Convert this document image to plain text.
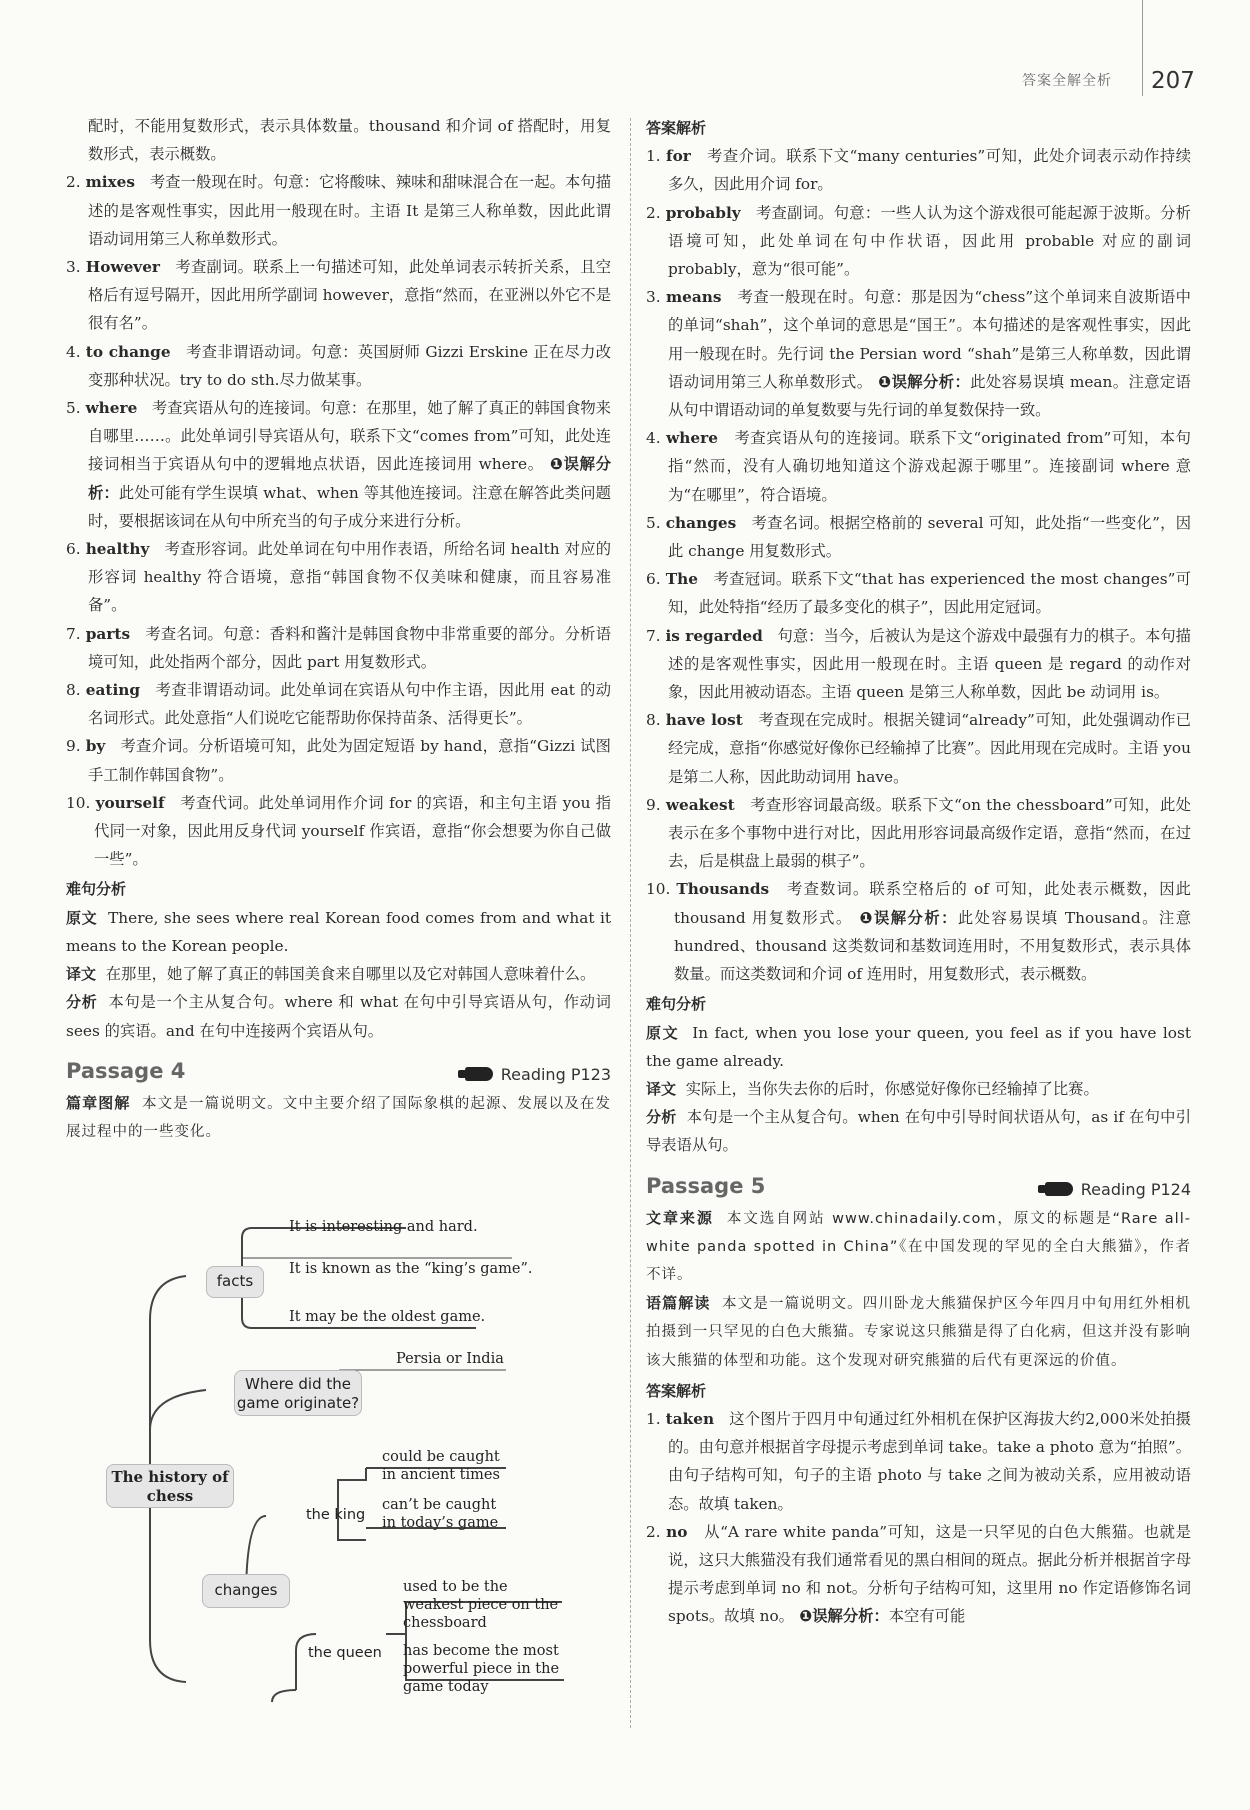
答案全解全析 207

配时，不能用复数形式，表示具体数量。thousand 和介词 of 搭配时，用复数形式，表示概数。

2. mixes 考查一般现在时。句意：它将酸味、辣味和甜味混合在一起。本句描述的是客观性事实，因此用一般现在时。主语 It 是第三人称单数，因此此谓语动词用第三人称单数形式。

3. However 考查副词。联系上一句描述可知，此处单词表示转折关系，且空格后有逗号隔开，因此用所学副词 however，意指“然而，在亚洲以外它不是很有名”。

4. to change 考查非谓语动词。句意：英国厨师 Gizzi Erskine 正在尽力改变那种状况。try to do sth.尽力做某事。

5. where 考查宾语从句的连接词。句意：在那里，她了解了真正的韩国食物来自哪里……。此处单词引导宾语从句，联系下文“comes from”可知，此处连接词相当于宾语从句中的逻辑地点状语，因此连接词用 where。 ❶误解分析：此处可能有学生误填 what、when 等其他连接词。注意在解答此类问题时，要根据该词在从句中所充当的句子成分来进行分析。

6. healthy 考查形容词。此处单词在句中用作表语，所给名词 health 对应的形容词 healthy 符合语境，意指“韩国食物不仅美味和健康，而且容易准备”。

7. parts 考查名词。句意：香料和酱汁是韩国食物中非常重要的部分。分析语境可知，此处指两个部分，因此 part 用复数形式。

8. eating 考查非谓语动词。此处单词在宾语从句中作主语，因此用 eat 的动名词形式。此处意指“人们说吃它能帮助你保持苗条、活得更长”。

9. by 考查介词。分析语境可知，此处为固定短语 by hand，意指“Gizzi 试图手工制作韩国食物”。

10. yourself 考查代词。此处单词用作介词 for 的宾语，和主句主语 you 指代同一对象，因此用反身代词 yourself 作宾语，意指“你会想要为你自己做一些”。

难句分析

原文 There, she sees where real Korean food comes from and what it means to the Korean people.

译文 在那里，她了解了真正的韩国美食来自哪里以及它对韩国人意味着什么。

分析 本句是一个主从复合句。where 和 what 在句中引导宾语从句，作动词 sees 的宾语。and 在句中连接两个宾语从句。

Passage 4	Reading P123

篇章图解 本文是一篇说明文。文中主要介绍了国际象棋的起源、发展以及在发展过程中的一些变化。

The history of chess
facts
It is interesting and hard.
It is known as the “king’s game”.
It may be the oldest game.
Where did the game originate?
Persia or India
changes
the king
could be caught in ancient times
can’t be caught in today’s game
the queen
used to be the weakest piece on the chessboard
has become the most powerful piece in the game today

答案解析

1. for 考查介词。联系下文“many centuries”可知，此处介词表示动作持续多久，因此用介词 for。

2. probably 考查副词。句意：一些人认为这个游戏很可能起源于波斯。分析语境可知，此处单词在句中作状语，因此用 probable 对应的副词 probably，意为“很可能”。

3. means 考查一般现在时。句意：那是因为“chess”这个单词来自波斯语中的单词“shah”，这个单词的意思是“国王”。本句描述的是客观性事实，因此用一般现在时。先行词 the Persian word “shah”是第三人称单数，因此谓语动词用第三人称单数形式。 ❶误解分析：此处容易误填 mean。注意定语从句中谓语动词的单复数要与先行词的单复数保持一致。

4. where 考查宾语从句的连接词。联系下文“originated from”可知，本句指“然而，没有人确切地知道这个游戏起源于哪里”。连接副词 where 意为“在哪里”，符合语境。

5. changes 考查名词。根据空格前的 several 可知，此处指“一些变化”，因此 change 用复数形式。

6. The 考查冠词。联系下文“that has experienced the most changes”可知，此处特指“经历了最多变化的棋子”，因此用定冠词。

7. is regarded 句意：当今，后被认为是这个游戏中最强有力的棋子。本句描述的是客观性事实，因此用一般现在时。主语 queen 是 regard 的动作对象，因此用被动语态。主语 queen 是第三人称单数，因此 be 动词用 is。

8. have lost 考查现在完成时。根据关键词“already”可知，此处强调动作已经完成，意指“你感觉好像你已经输掉了比赛”。因此用现在完成时。主语 you 是第二人称，因此助动词用 have。

9. weakest 考查形容词最高级。联系下文“on the chessboard”可知，此处表示在多个事物中进行对比，因此用形容词最高级作定语，意指“然而，在过去，后是棋盘上最弱的棋子”。

10. Thousands 考查数词。联系空格后的 of 可知，此处表示概数，因此 thousand 用复数形式。 ❶误解分析：此处容易误填 Thousand。注意 hundred、thousand 这类数词和基数词连用时，不用复数形式，表示具体数量。而这类数词和介词 of 连用时，用复数形式，表示概数。

难句分析

原文 In fact, when you lose your queen, you feel as if you have lost the game already.

译文 实际上，当你失去你的后时，你感觉好像你已经输掉了比赛。

分析 本句是一个主从复合句。when 在句中引导时间状语从句，as if 在句中引导表语从句。

Passage 5	Reading P124

文章来源 本文选自网站 www.chinadaily.com，原文的标题是“Rare all-white panda spotted in China”《在中国发现的罕见的全白大熊猫》，作者不详。

语篇解读 本文是一篇说明文。四川卧龙大熊猫保护区今年四月中旬用红外相机拍摄到一只罕见的白色大熊猫。专家说这只熊猫是得了白化病，但这并没有影响该大熊猫的体型和功能。这个发现对研究熊猫的后代有更深远的价值。

答案解析

1. taken 这个图片于四月中旬通过红外相机在保护区海拔大约2,000米处拍摄的。由句意并根据首字母提示考虑到单词 take。take a photo 意为“拍照”。由句子结构可知，句子的主语 photo 与 take 之间为被动关系，应用被动语态。故填 taken。

2. no 从“A rare white panda”可知，这是一只罕见的白色大熊猫。也就是说，这只大熊猫没有我们通常看见的黑白相间的斑点。据此分析并根据首字母提示考虑到单词 no 和 not。分析句子结构可知，这里用 no 作定语修饰名词 spots。故填 no。 ❶误解分析：本空有可能
